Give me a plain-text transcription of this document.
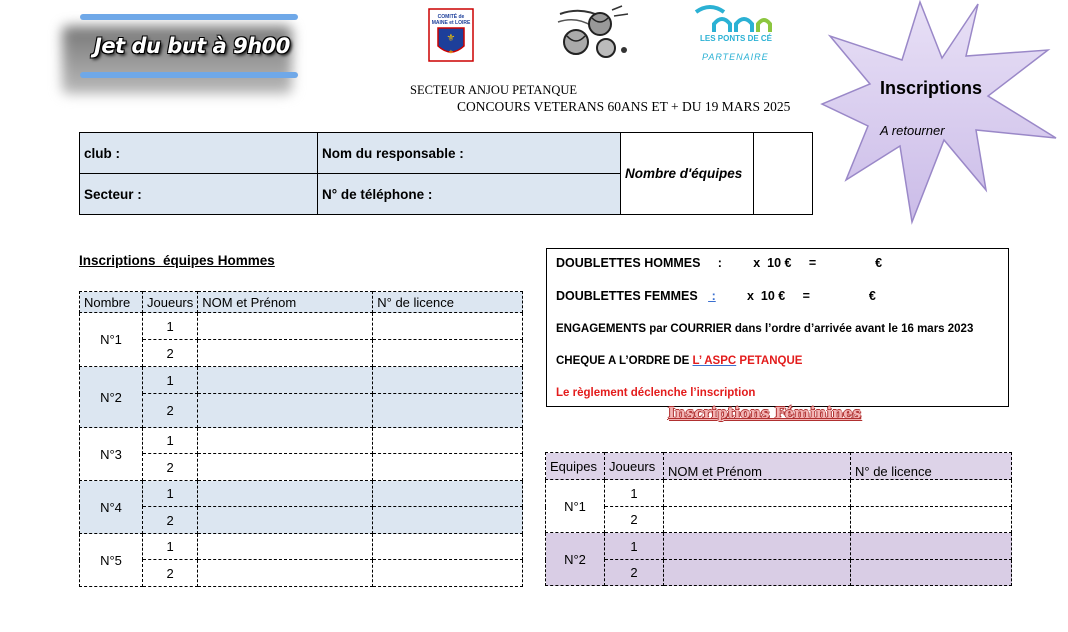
Jet du but à 9h00	⚜
⚜
COMITÉ de
MAINE et LOIRE
LES PONTS DE CÉ
PARTENAIRE
SECTEUR ANJOU PETANQUE
CONCOURS VETERANS 60ANS ET + DU 19 MARS 2025
Inscriptions
A retourner
club :	Nom du responsable :	Nombre d'équipes	
Secteur :	N° de téléphone :		
Inscriptions  équipes Hommes
Nombre	Joueurs	NOM et Prénom	N° de licence
N°1	1		
	2		
N°2	1		
	2		
N°3	1		
	2		
N°4	1		
	2		
N°5	1		
	2		
DOUBLETTES HOMMES     :         x  10 €     =                 €
DOUBLETTES FEMMES    :         x  10 €     =                 €
ENGAGEMENTS par COURRIER dans l’ordre d’arrivée avant le 16 mars 2023
CHEQUE A L’ORDRE DE L’ ASPC PETANQUE
Le règlement déclenche l’inscription
Inscriptions Féminines
Equipes	Joueurs	NOM et Prénom	N° de licence
N°1	1		
	2		
N°2	1		
	2		
